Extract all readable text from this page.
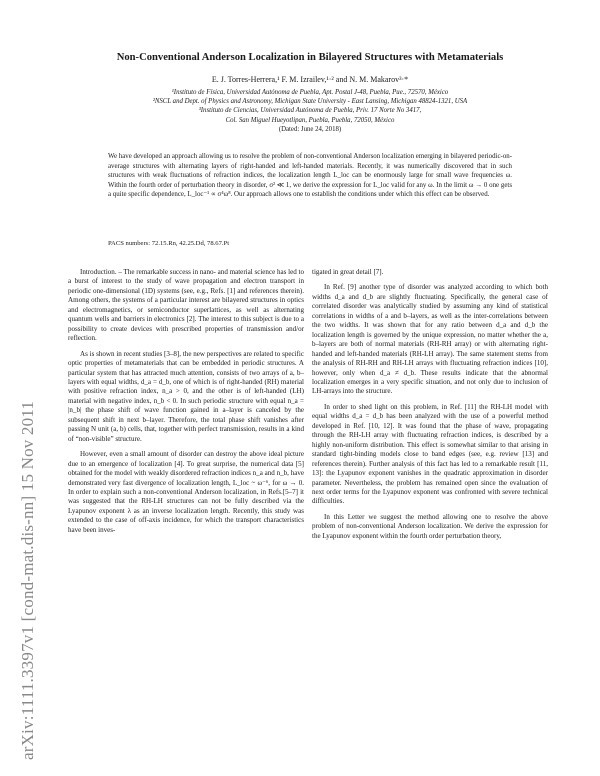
arXiv:1111.3397v1 [cond-mat.dis-nn] 15 Nov 2011
Non-Conventional Anderson Localization in Bilayered Structures with Metamaterials
E. J. Torres-Herrera,¹ F. M. Izrailev,¹·² and N. M. Makarov³·*
¹Instituto de Física, Universidad Autónoma de Puebla, Apt. Postal J-48, Puebla, Pue., 72570, México
²NSCL and Dept. of Physics and Astronomy, Michigan State University - East Lansing, Michigan 48824-1321, USA
³Instituto de Ciencias, Universidad Autónoma de Puebla, Priv. 17 Norte No 3417,
Col. San Miguel Hueyotlipan, Puebla, Puebla, 72050, México
(Dated: June 24, 2018)
We have developed an approach allowing us to resolve the problem of non-conventional Anderson localization emerging in bilayered periodic-on-average structures with alternating layers of right-handed and left-handed materials. Recently, it was numerically discovered that in such structures with weak fluctuations of refraction indices, the localization length L_loc can be enormously large for small wave frequencies ω. Within the fourth order of perturbation theory in disorder, σ² ≪ 1, we derive the expression for L_loc valid for any ω. In the limit ω → 0 one gets a quite specific dependence, L_loc⁻¹ ∝ σ⁴ω⁸. Our approach allows one to establish the conditions under which this effect can be observed.
PACS numbers: 72.15.Rn, 42.25.Dd, 78.67.Pt

Introduction. – The remarkable success in nano- and material science has led to a burst of interest to the study of wave propagation and electron transport in periodic one-dimensional (1D) systems (see, e.g., Refs. [1] and references therein). Among others, the systems of a particular interest are bilayered structures in optics and electromagnetics, or semiconductor superlattices, as well as alternating quantum wells and barriers in electronics [2]. The interest to this subject is due to a possibility to create devices with prescribed properties of transmission and/or reflection.

As is shown in recent studies [3–8], the new perspectives are related to specific optic properties of metamaterials that can be embedded in periodic structures. A particular system that has attracted much attention, consists of two arrays of a, b–layers with equal widths, d_a = d_b, one of which is of right-handed (RH) material with positive refraction index, n_a > 0, and the other is of left-handed (LH) material with negative index, n_b < 0. In such periodic structure with equal n_a = |n_b| the phase shift of wave function gained in a–layer is canceled by the subsequent shift in next b–layer. Therefore, the total phase shift vanishes after passing N unit (a, b) cells, that, together with perfect transmission, results in a kind of “non-visible” structure.

However, even a small amount of disorder can destroy the above ideal picture due to an emergence of localization [4]. To great surprise, the numerical data [5] obtained for the model with weakly disordered refraction indices n_a and n_b, have demonstrated very fast divergence of localization length, L_loc ~ ω⁻⁶, for ω → 0. In order to explain such a non-conventional Anderson localization, in Refs.[5–7] it was suggested that the RH-LH structures can not be fully described via the Lyapunov exponent λ as an inverse localization length. Recently, this study was extended to the case of off-axis incidence, for which the transport characteristics have been inves-

tigated in great detail [7].

In Ref. [9] another type of disorder was analyzed according to which both widths d_a and d_b are slightly fluctuating. Specifically, the general case of correlated disorder was analytically studied by assuming any kind of statistical correlations in widths of a and b–layers, as well as the inter-correlations between the two widths. It was shown that for any ratio between d_a and d_b the localization length is governed by the unique expression, no matter whether the a, b–layers are both of normal materials (RH-RH array) or with alternating right-handed and left-handed materials (RH-LH array). The same statement stems from the analysis of RH-RH and RH-LH arrays with fluctuating refraction indices [10], however, only when d_a ≠ d_b. These results indicate that the abnormal localization emerges in a very specific situation, and not only due to inclusion of LH-arrays into the structure.

In order to shed light on this problem, in Ref. [11] the RH-LH model with equal widths d_a = d_b has been analyzed with the use of a powerful method developed in Ref. [10, 12]. It was found that the phase of wave, propagating through the RH-LH array with fluctuating refraction indices, is described by a highly non-uniform distribution. This effect is somewhat similar to that arising in standard tight-binding models close to band edges (see, e.g. review [13] and references therein). Further analysis of this fact has led to a remarkable result [11, 13]: the Lyapunov exponent vanishes in the quadratic approximation in disorder parameter. Nevertheless, the problem has remained open since the evaluation of next order terms for the Lyapunov exponent was confronted with severe technical difficulties.

In this Letter we suggest the method allowing one to resolve the above problem of non-conventional Anderson localization. We derive the expression for the Lyapunov exponent within the fourth order perturbation theory,
